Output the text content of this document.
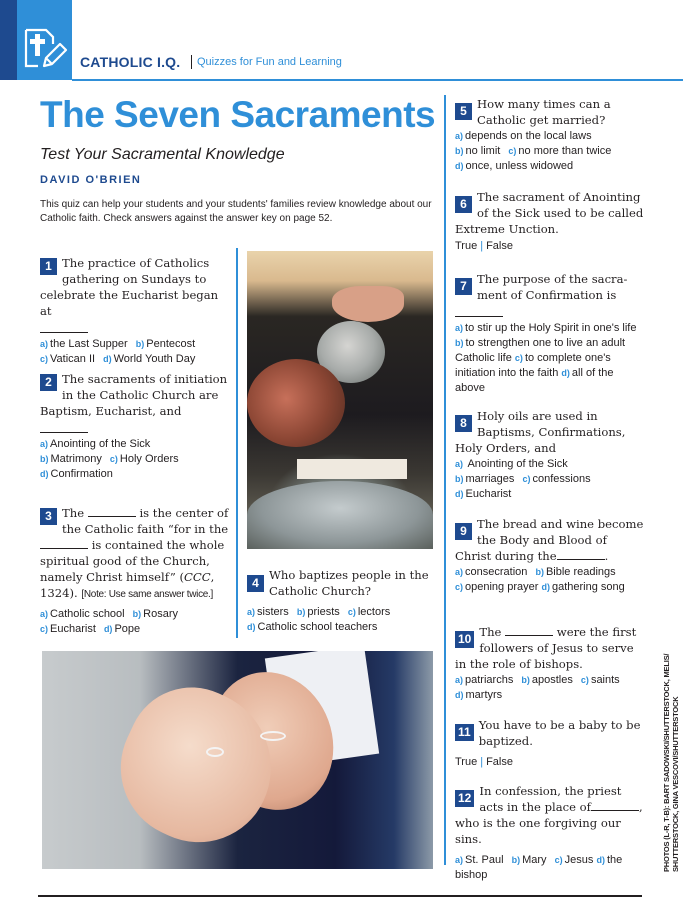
CATHOLIC I.Q. Quizzes for Fun and Learning
The Seven Sacraments
Test Your Sacramental Knowledge
DAVID O'BRIEN
This quiz can help your students and your students' families review knowledge about our Catholic faith. Check answers against the answer key on page 52.
1 The practice of Catholics gathering on Sundays to celebrate the Eucharist began at
a) the Last Supper b) Pentecost
c) Vatican II d) World Youth Day
2 The sacraments of initiation in the Catholic Church are Baptism, Eucharist, and
a) Anointing of the Sick
b) Matrimony c) Holy Orders
d) Confirmation
3 The	is the center of the Catholic faith “for in the  is contained the whole spiritual good of the Church, namely Christ himself” (CCC, 1324). [Note: Use same answer twice.]
a) Catholic school b) Rosary
c) Eucharist d) Pope
4
Who baptizes people in the Catholic Church?
a) sisters b) priests c) lectors
d) Catholic school teachers
5 How many times can a Catholic get married?
a) depends on the local laws
b) no limit c) no more than twice
d) once, unless widowed
6 The sacrament of Anointing of the Sick used to be called Extreme Unction.
True | False
7 The purpose of the sacra-ment of Confirmation is
a) to stir up the Holy Spirit in one's life b) to strengthen one to live an adult Catholic life c) to complete one's initiation into the faith d) all of the above
8 Holy oils are used in Baptisms, Confirmations, Holy Orders, and
a) Anointing of the Sick
b) marriages c) confessions
d) Eucharist
9 The bread and wine become the Body and Blood of Christ during the	.
a) consecration b) Bible readings
c) opening prayer d) gathering song
10 The	were the first followers of Jesus to serve in the role of bishops.
a) patriarchs b) apostles c) saints
d) martyrs
11 You have to be a baby to be baptized.
True | False
12 In confession, the priest acts in the place of	, who is the one forgiving our sins.
a) St. Paul b) Mary c) Jesus d) the bishop
PHOTOS (L-R, T-B): BART SADOWSKI/SHUTTERSTOCK, MELIS/ SHUTTERSTOCK, GINA VESCOVI/SHUTTERSTOCK
